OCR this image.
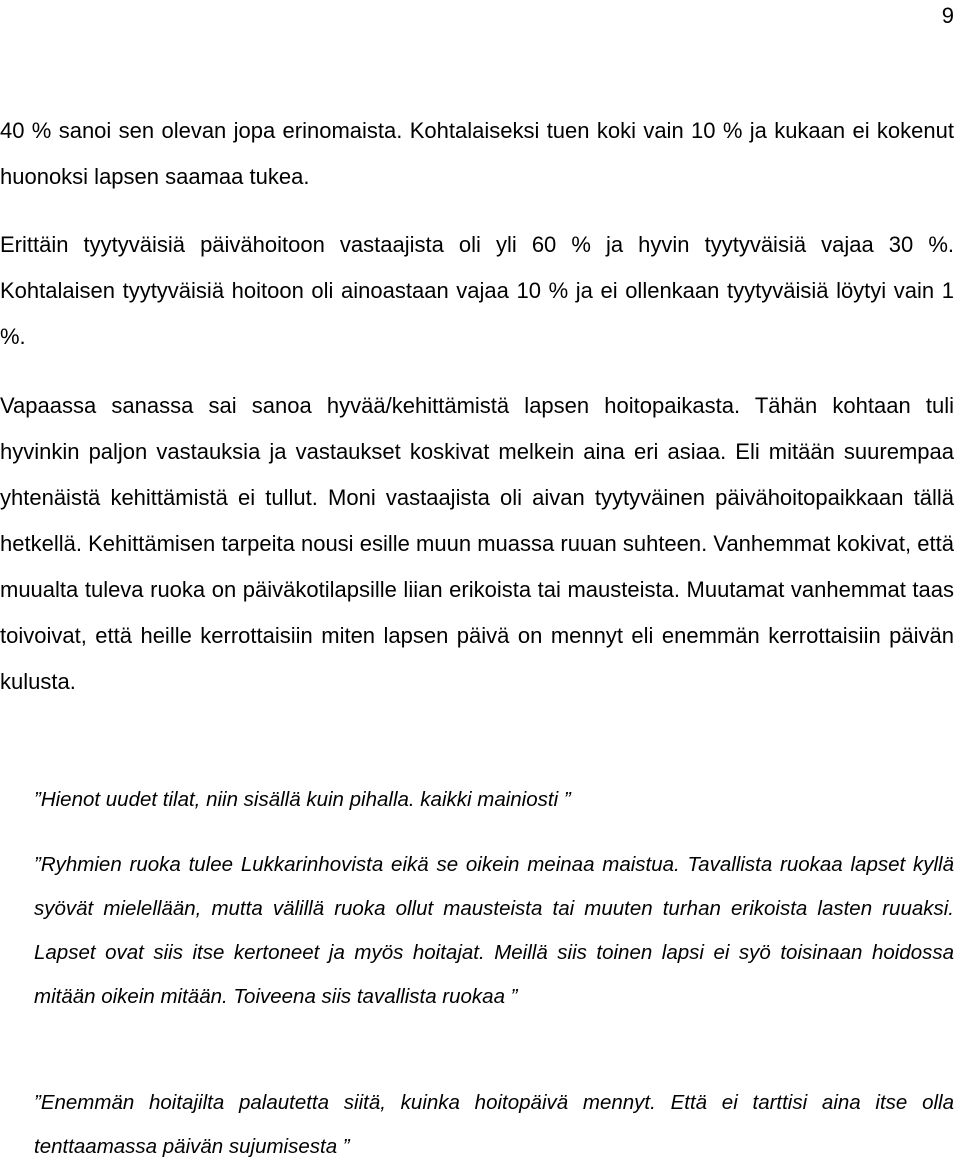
9

40 % sanoi sen olevan jopa erinomaista. Kohtalaiseksi tuen koki vain 10 % ja kukaan ei kokenut huonoksi lapsen saamaa tukea.

Erittäin tyytyväisiä päivähoitoon vastaajista oli yli 60 % ja hyvin tyytyväisiä vajaa 30 %. Kohtalaisen tyytyväisiä hoitoon oli ainoastaan vajaa 10 % ja ei ollenkaan tyytyväisiä löytyi vain 1 %.

Vapaassa sanassa sai sanoa hyvää/kehittämistä lapsen hoitopaikasta. Tähän kohtaan tuli hyvinkin paljon vastauksia ja vastaukset koskivat melkein aina eri asiaa. Eli mitään suurempaa yhtenäistä kehittämistä ei tullut. Moni vastaajista oli aivan tyytyväinen päivähoitopaikkaan tällä hetkellä. Kehittämisen tarpeita nousi esille muun muassa ruuan suhteen. Vanhemmat kokivat, että muualta tuleva ruoka on päiväkotilapsille liian erikoista tai mausteista. Muutamat vanhemmat taas toivoivat, että heille kerrottaisiin miten lapsen päivä on mennyt eli enemmän kerrottaisiin päivän kulusta.

”Hienot uudet tilat, niin sisällä kuin pihalla. kaikki mainiosti ”

”Ryhmien ruoka tulee Lukkarinhovista eikä se oikein meinaa maistua. Tavallista ruokaa lapset kyllä syövät mielellään, mutta välillä ruoka ollut mausteista tai muuten turhan erikoista lasten ruuaksi. Lapset ovat siis itse kertoneet ja myös hoitajat. Meillä siis toinen lapsi ei syö toisinaan hoidossa mitään oikein mitään. Toiveena siis tavallista ruokaa ”

”Enemmän hoitajilta palautetta siitä, kuinka hoitopäivä mennyt. Että ei tarttisi aina itse olla tenttaamassa päivän sujumisesta ”
